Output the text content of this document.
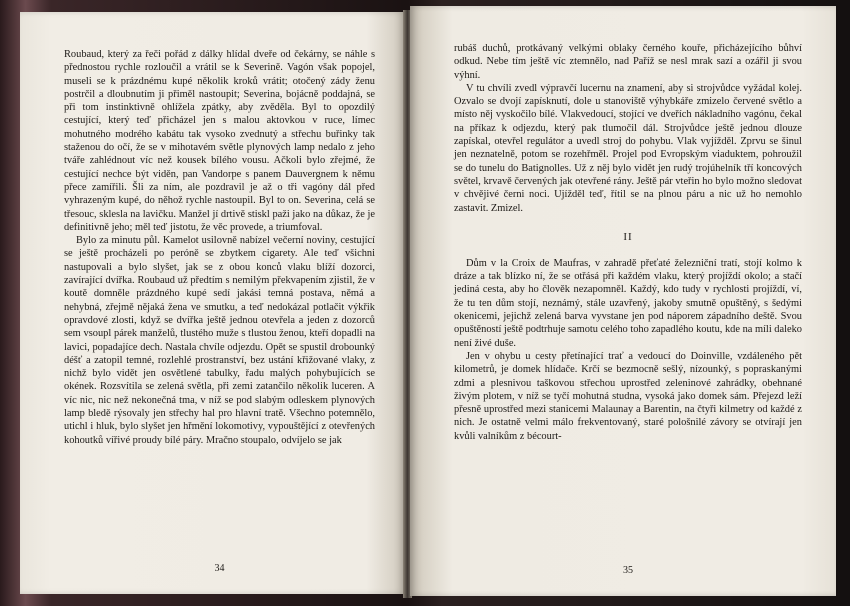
Roubaud, který za řeči pořád z dálky hlídal dveře od čekárny, se náhle s přednostou rychle rozloučil a vrátil se k Severině. Vagón však popojel, museli se k prázdnému kupé několik kroků vrátit; otočený zády ženu postrčil a dloubnutím ji přiměl nastoupit; Severina, bojácně poddajná, se při tom instinktivně ohlížela zpátky, aby zvěděla. Byl to opozdilý cestující, který teď přicházel jen s malou aktovkou v ruce, límec mohutného modrého kabátu tak vysoko zvednutý a střechu buřinky tak staženou do očí, že se v mihotavém světle plynových lamp nedalo z jeho tváře zahlédnout víc než kousek bílého vousu. Ačkoli bylo zřejmé, že cestující nechce být viděn, pan Vandorpe s panem Dauvergnem k němu přece zamířili. Šli za ním, ale pozdravil je až o tři vagóny dál před vyhrazeným kupé, do něhož rychle nastoupil. Byl to on. Severina, celá se třesouc, sklesla na lavičku. Manžel jí drtivě stiskl paži jako na důkaz, že je definitivně jeho; měl teď jistotu, že věc provede, a triumfoval.

Bylo za minutu půl. Kamelot usilovně nabízel večerní noviny, cestující se ještě procházeli po peróně se zbytkem cigarety. Ale teď všichni nastupovali a bylo slyšet, jak se z obou konců vlaku blíží dozorci, zavírající dvířka. Roubaud už předtím s nemilým překvapením zjistil, že v koutě domněle prázdného kupé sedí jakási temná postava, němá a nehybná, zřejmě nějaká žena ve smutku, a teď nedokázal potlačit výkřik opravdové zlosti, když se dvířka ještě jednou otevřela a jeden z dozorců sem vsoupl párek manželů, tlustého muže s tlustou ženou, kteří dopadli na lavici, popadajíce dech. Nastala chvíle odjezdu. Opět se spustil drobounký déšť a zatopil temné, rozlehlé prostranství, bez ustání křižované vlaky, z nichž bylo vidět jen osvětlené tabulky, řadu malých pohybujících se okének. Rozsvítila se zelená světla, při zemi zatančilo několik luceren. A víc nic, nic než nekonečná tma, v níž se pod slabým odleskem plynových lamp bledě rýsovaly jen střechy hal pro hlavní tratě. Všechno potemnělo, utichl i hluk, bylo slyšet jen hřmění lokomotivy, vypouštějící z otevřených kohoutků vířivé proudy bílé páry. Mračno stoupalo, odvíjelo se jak

34

rubáš duchů, protkávaný velkými oblaky černého kouře, přicházejícího bůhví odkud. Nebe tím ještě víc ztemnělo, nad Paříž se nesl mrak sazí a ozářil ji svou výhní.

V tu chvíli zvedl výpravčí lucernu na znamení, aby si strojvůdce vyžádal kolej. Ozvalo se dvojí zapísknutí, dole u stanoviště výhybkáře zmizelo červené světlo a místo něj vyskočilo bílé. Vlakvedoucí, stojící ve dveřích nákladního vagónu, čekal na příkaz k odjezdu, který pak tlumočil dál. Strojvůdce ještě jednou dlouze zapískal, otevřel regulátor a uvedl stroj do pohybu. Vlak vyjížděl. Zprvu se šinul jen neznatelně, potom se rozehřměl. Projel pod Evropským viaduktem, pohroužil se do tunelu do Batignolles. Už z něj bylo vidět jen rudý trojúhelník tří koncových světel, krvavě červených jak otevřené rány. Ještě pár vteřin ho bylo možno sledovat v chvějivé černi noci. Ujížděl teď, řítil se na plnou páru a nic už ho nemohlo zastavit. Zmizel.

II

Dům v la Croix de Maufras, v zahradě přeťaté železniční tratí, stojí kolmo k dráze a tak blízko ní, že se otřásá při každém vlaku, který projíždí okolo; a stačí jediná cesta, aby ho člověk nezapomněl. Každý, kdo tudy v rychlosti projíždí, ví, že tu ten dům stojí, neznámý, stále uzavřený, jakoby smutně opuštěný, s šedými okenicemi, jejichž zelená barva vyvstane jen pod náporem západního deště. Svou opuštěností ještě podtrhuje samotu celého toho zapadlého koutu, kde na míli daleko není živé duše.

Jen v ohybu u cesty přetínající trať a vedoucí do Doinville, vzdáleného pět kilometrů, je domek hlídače. Krčí se bezmocně sešlý, nízounký, s popraskanými zdmi a plesnivou taškovou střechou uprostřed zeleninové zahrádky, obehnané živým plotem, v níž se tyčí mohutná studna, vysoká jako domek sám. Přejezd leží přesně uprostřed mezi stanicemi Malaunay a Barentin, na čtyři kilmetry od každé z nich. Je ostatně velmi málo frekventovaný, staré pološnilé závory se otvírají jen kvůli valníkům z bécourt-

35
